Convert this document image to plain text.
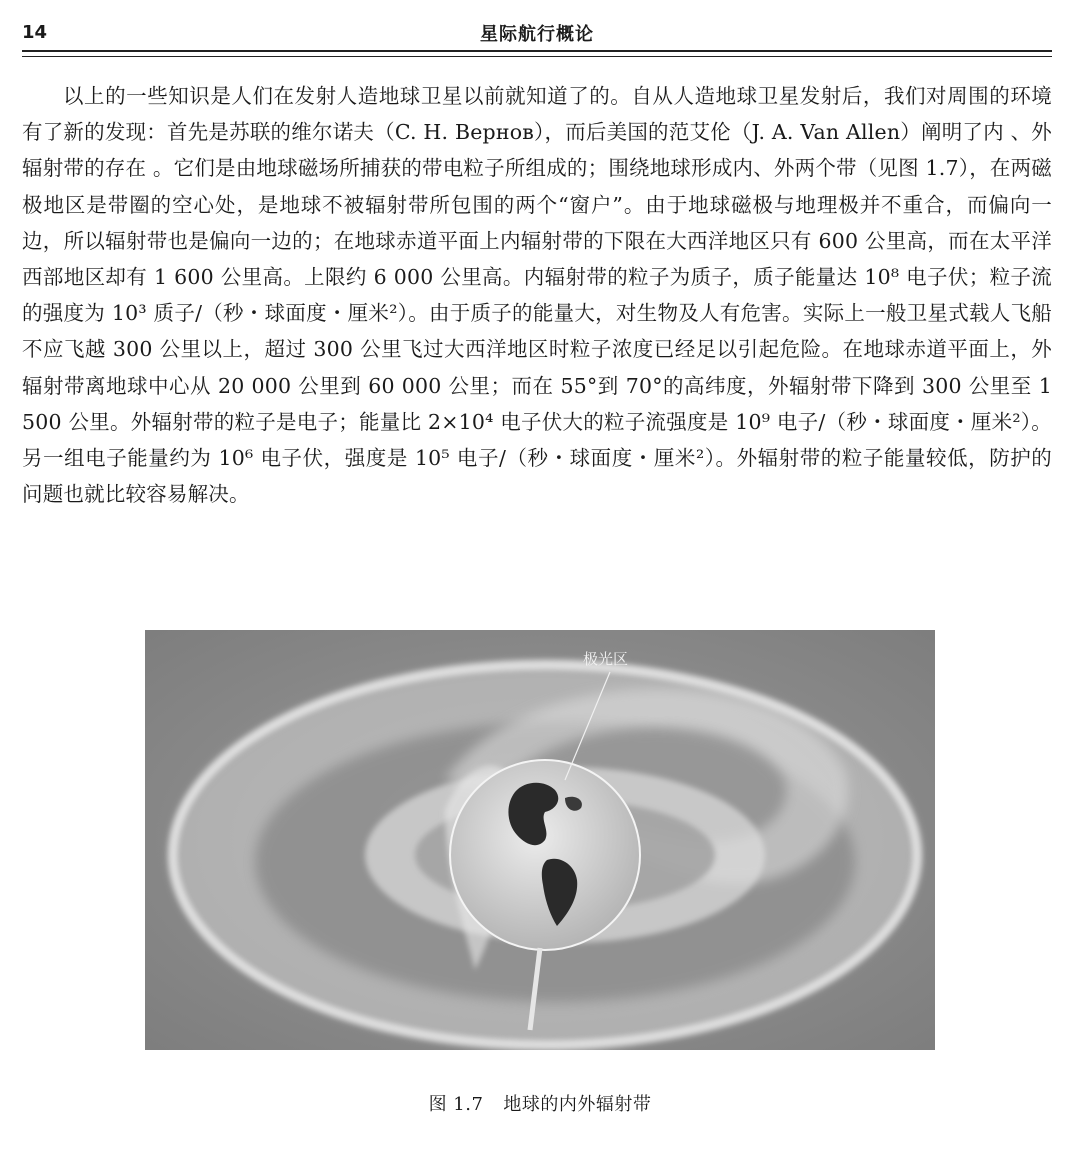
14	星际航行概论

以上的一些知识是人们在发射人造地球卫星以前就知道了的。自从人造地球卫星发射后，我们对周围的环境有了新的发现：首先是苏联的维尔诺夫（C. H. Вернов），而后美国的范艾伦（J. A. Van Allen）阐明了内 、外辐射带的存在 。它们是由地球磁场所捕获的带电粒子所组成的；围绕地球形成内、外两个带（见图 1.7），在两磁极地区是带圈的空心处，是地球不被辐射带所包围的两个“窗户”。由于地球磁极与地理极并不重合，而偏向一边，所以辐射带也是偏向一边的；在地球赤道平面上内辐射带的下限在大西洋地区只有 600 公里高，而在太平洋西部地区却有 1 600 公里高。上限约 6 000 公里高。内辐射带的粒子为质子，质子能量达 10⁸ 电子伏；粒子流的强度为 10³ 质子/（秒・球面度・厘米²）。由于质子的能量大，对生物及人有危害。实际上一般卫星式载人飞船不应飞越 300 公里以上，超过 300 公里飞过大西洋地区时粒子浓度已经足以引起危险。在地球赤道平面上，外辐射带离地球中心从 20 000 公里到 60 000 公里；而在 55°到 70°的高纬度，外辐射带下降到 300 公里至 1 500 公里。外辐射带的粒子是电子；能量比 2×10⁴ 电子伏大的粒子流强度是 10⁹ 电子/（秒・球面度・厘米²）。另一组电子能量约为 10⁶ 电子伏，强度是 10⁵ 电子/（秒・球面度・厘米²）。外辐射带的粒子能量较低，防护的问题也就比较容易解决。

极光区
图 1.7 地球的内外辐射带
